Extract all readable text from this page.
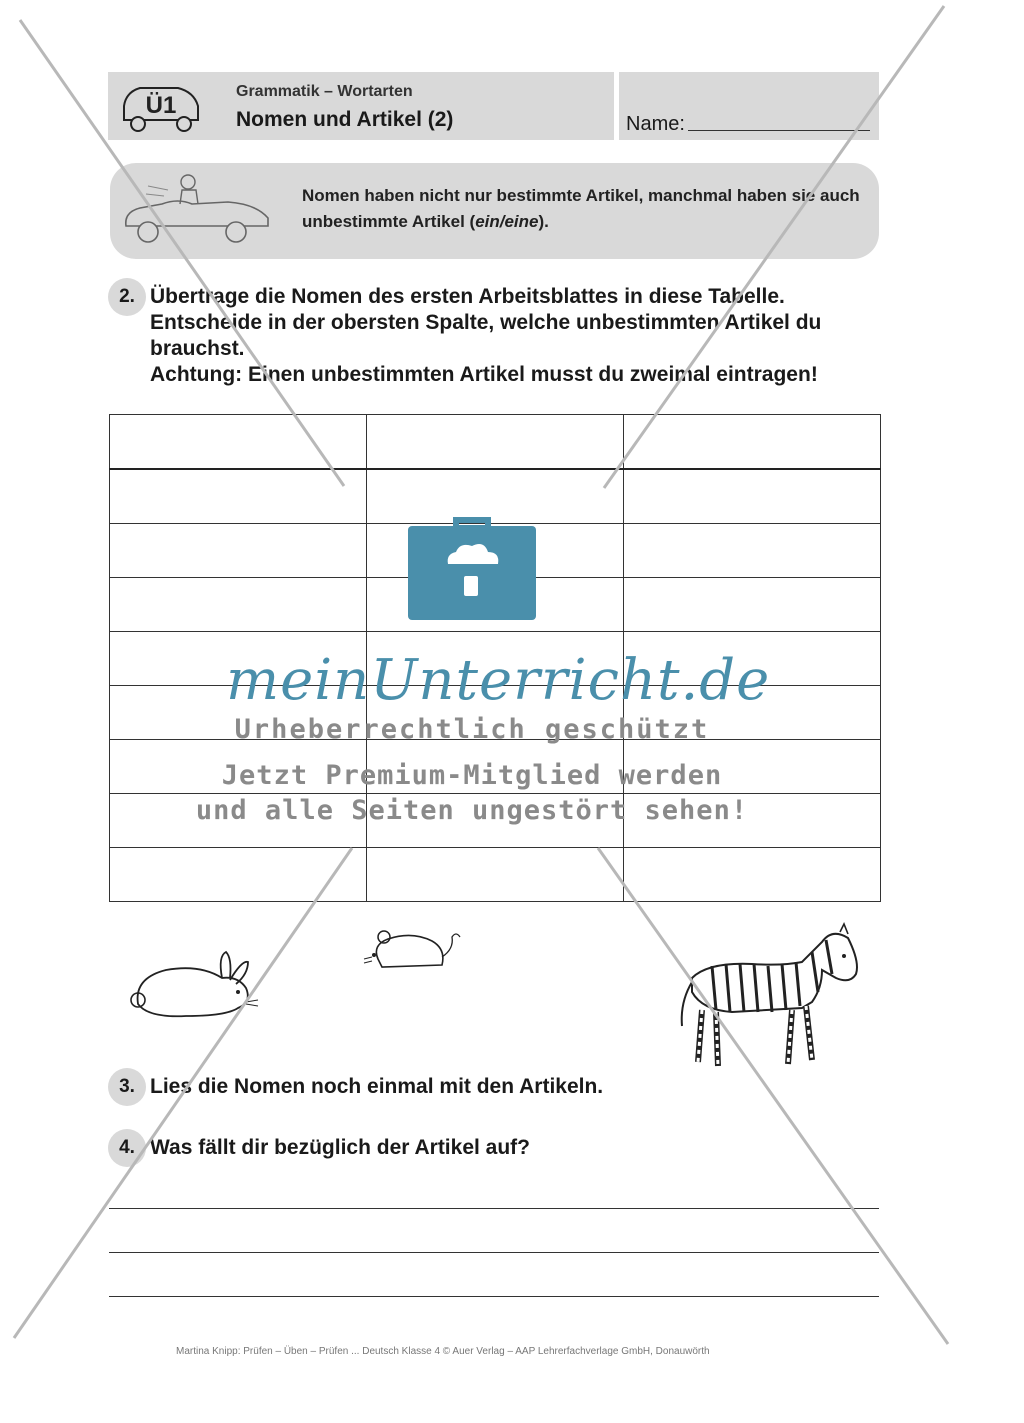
Ü1
Grammatik – Wortarten
Nomen und Artikel (2)	Name:
Nomen haben nicht nur bestimmte Artikel, manchmal haben sie auch unbestimmte Artikel (ein/eine).
2. Übertrage die Nomen des ersten Arbeitsblattes in diese Tabelle.
Entscheide in der obersten Spalte, welche unbestimmten Artikel du
brauchst.
Achtung: Einen unbestimmten Artikel musst du zweimal eintragen!

3. Lies die Nomen noch einmal mit den Artikeln.
4. Was fällt dir bezüglich der Artikel auf?
Martina Knipp: Prüfen – Üben – Prüfen ... Deutsch Klasse 4 © Auer Verlag – AAP Lehrerfachverlage GmbH, Donauwörth
meinUnterricht.de
Urheberrechtlich geschützt
Jetzt Premium-Mitglied werden
und alle Seiten ungestört sehen!
